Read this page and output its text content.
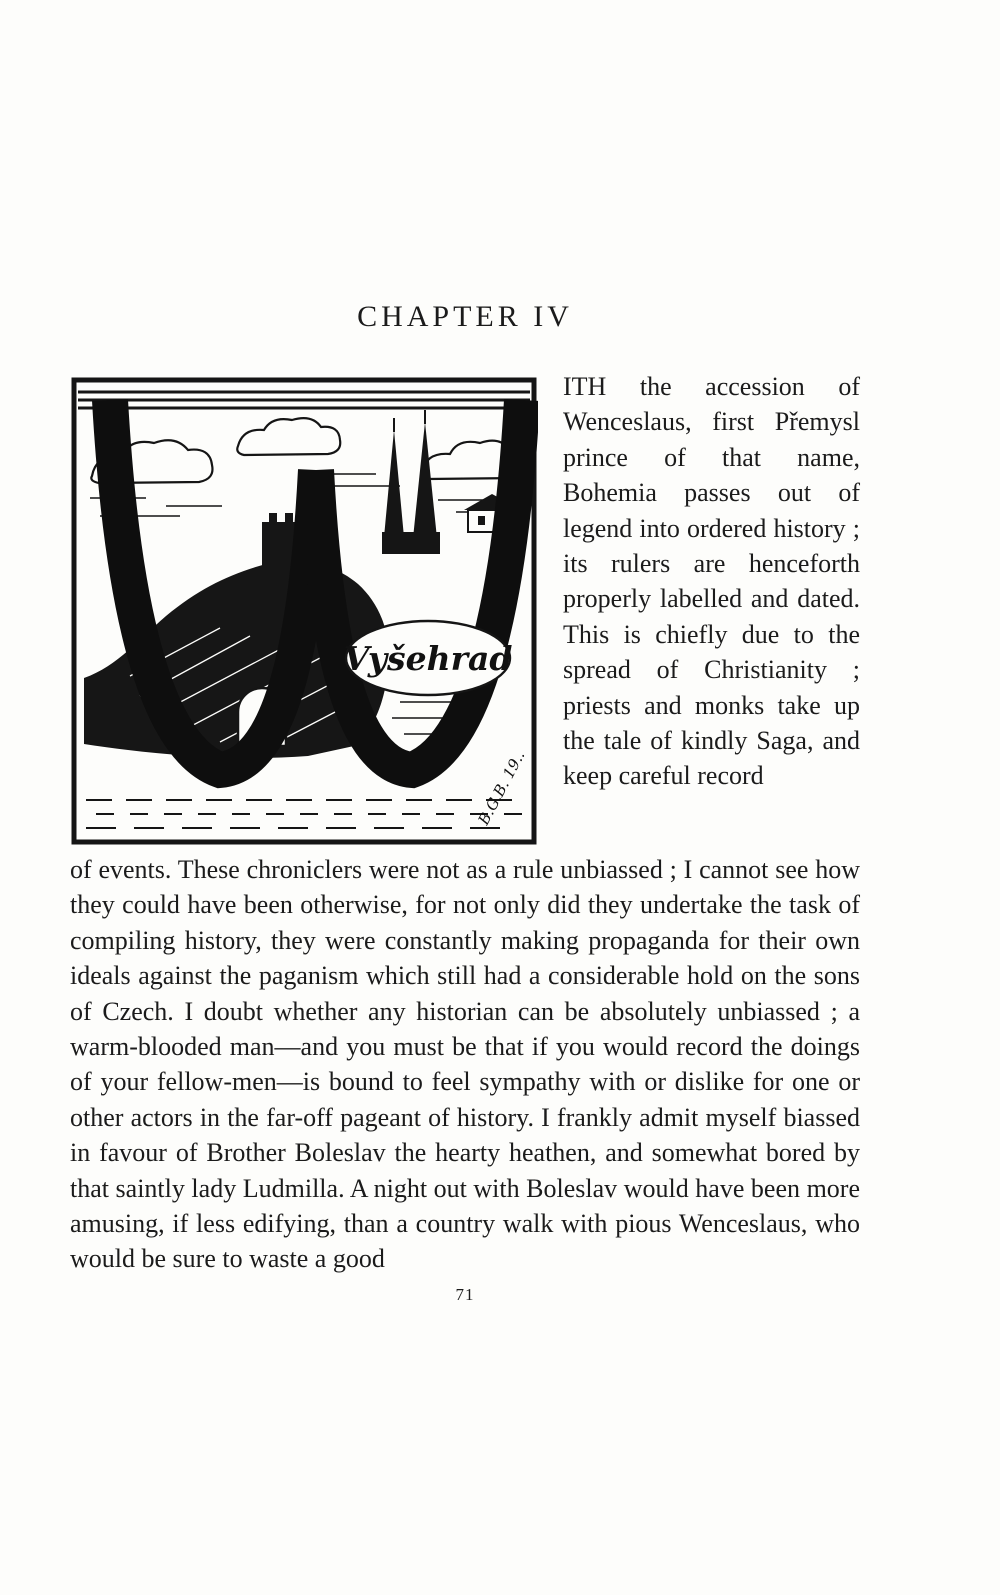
CHAPTER IV
Vyšehrad
B.G.B. 19..

ITH the accession of Wenceslaus, first Přemysl prince of that name, Bohemia passes out of legend into ordered history ; its rulers are henceforth properly labelled and dated. This is chiefly due to the spread of Christianity ; priests and monks take up the tale of kindly Saga, and keep careful record

of events. These chroniclers were not as a rule unbiassed ; I cannot see how they could have been otherwise, for not only did they undertake the task of compiling history, they were constantly making propaganda for their own ideals against the paganism which still had a considerable hold on the sons of Czech. I doubt whether any historian can be absolutely unbiassed ; a warm-blooded man—and you must be that if you would record the doings of your fellow-men—is bound to feel sympathy with or dislike for one or other actors in the far-off pageant of history. I frankly admit myself biassed in favour of Brother Boleslav the hearty heathen, and somewhat bored by that saintly lady Ludmilla. A night out with Boleslav would have been more amusing, if less edifying, than a country walk with pious Wenceslaus, who would be sure to waste a good

71
